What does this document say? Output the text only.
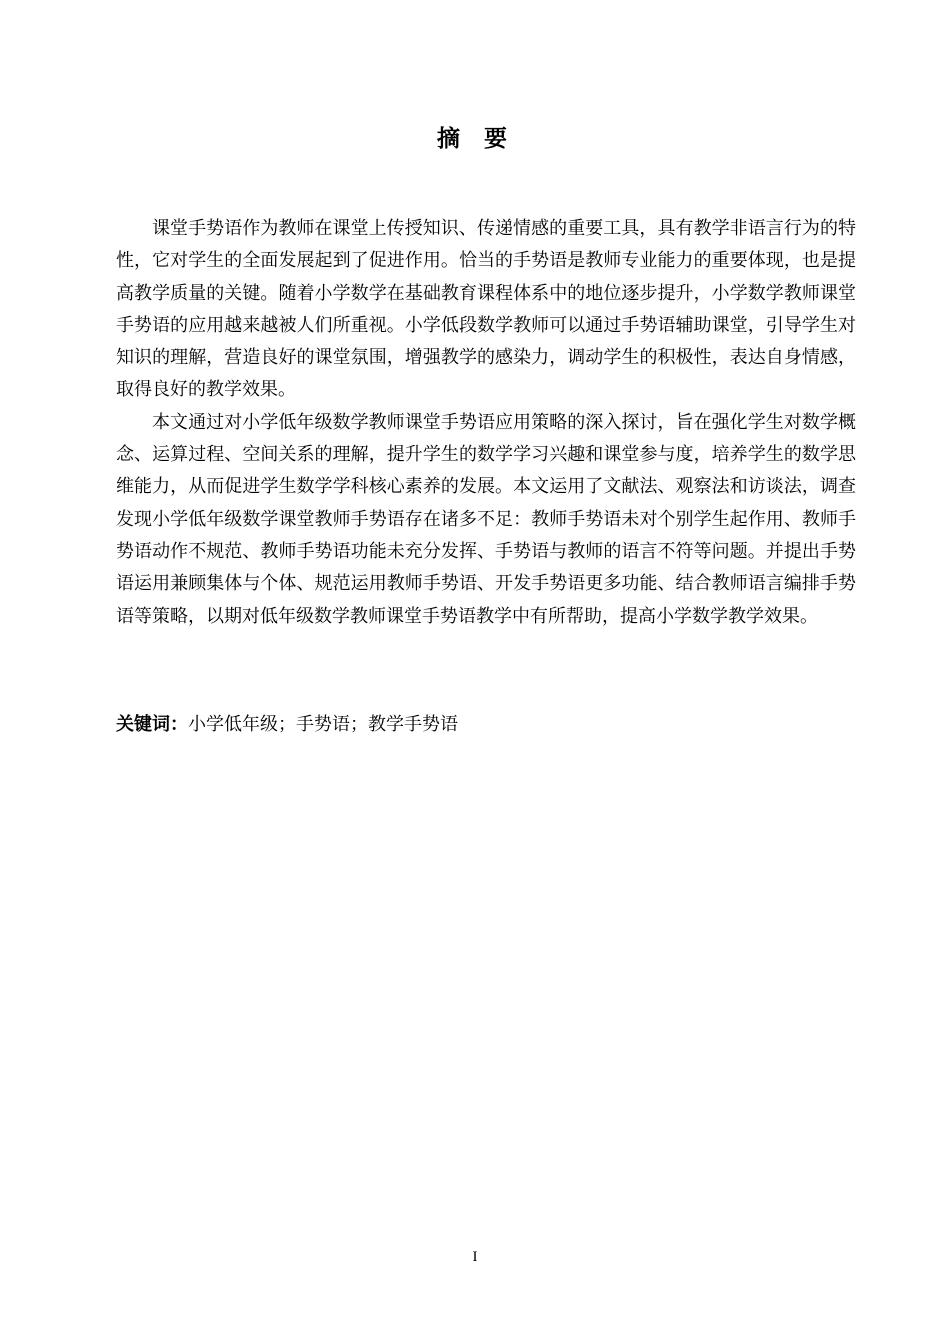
摘要

课堂手势语作为教师在课堂上传授知识、传递情感的重要工具，具有教学非语言行为的特性，它对学生的全面发展起到了促进作用。恰当的手势语是教师专业能力的重要体现，也是提高教学质量的关键。随着小学数学在基础教育课程体系中的地位逐步提升，小学数学教师课堂手势语的应用越来越被人们所重视。小学低段数学教师可以通过手势语辅助课堂，引导学生对知识的理解，营造良好的课堂氛围，增强教学的感染力，调动学生的积极性，表达自身情感，取得良好的教学效果。

本文通过对小学低年级数学教师课堂手势语应用策略的深入探讨，旨在强化学生对数学概念、运算过程、空间关系的理解，提升学生的数学学习兴趣和课堂参与度，培养学生的数学思维能力，从而促进学生数学学科核心素养的发展。本文运用了文献法、观察法和访谈法，调查发现小学低年级数学课堂教师手势语存在诸多不足：教师手势语未对个别学生起作用、教师手势语动作不规范、教师手势语功能未充分发挥、手势语与教师的语言不符等问题。并提出手势语运用兼顾集体与个体、规范运用教师手势语、开发手势语更多功能、结合教师语言编排手势语等策略，以期对低年级数学教师课堂手势语教学中有所帮助，提高小学数学教学效果。

关键词：小学低年级；手势语；教学手势语

I
